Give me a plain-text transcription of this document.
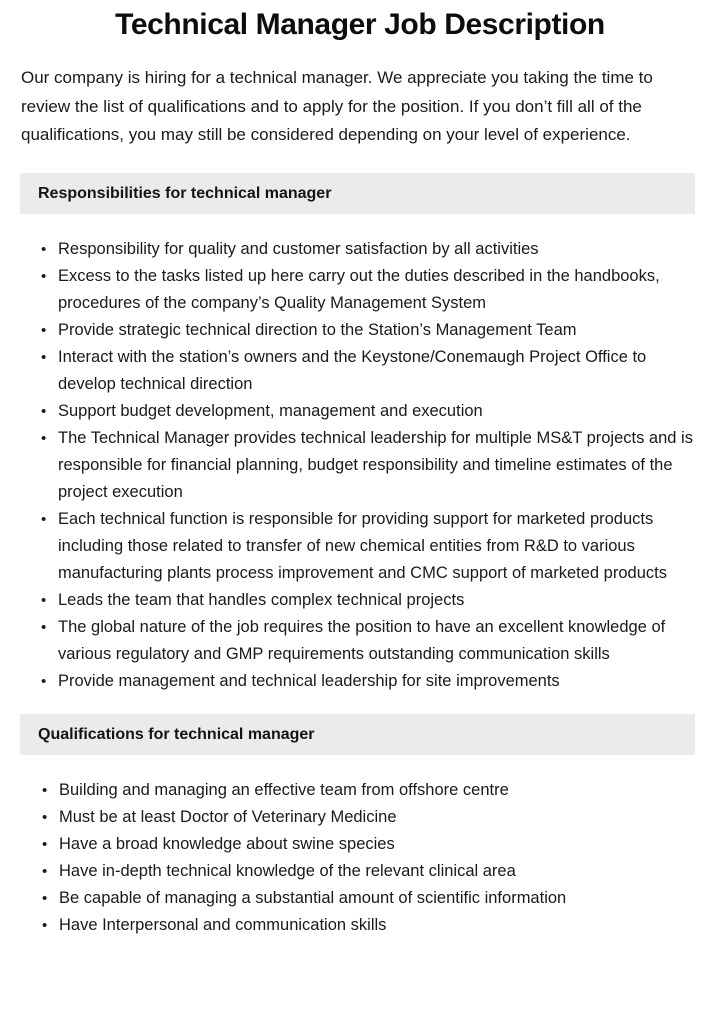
Technical Manager Job Description

Our company is hiring for a technical manager. We appreciate you taking the time to review the list of qualifications and to apply for the position. If you don’t fill all of the qualifications, you may still be considered depending on your level of experience.

Responsibilities for technical manager
• Responsibility for quality and customer satisfaction by all activities
• Excess to the tasks listed up here carry out the duties described in the handbooks, procedures of the company’s Quality Management System
• Provide strategic technical direction to the Station’s Management Team
• Interact with the station’s owners and the Keystone/Conemaugh Project Office to develop technical direction
• Support budget development, management and execution
• The Technical Manager provides technical leadership for multiple MS&T projects and is responsible for financial planning, budget responsibility and timeline estimates of the project execution
• Each technical function is responsible for providing support for marketed products including those related to transfer of new chemical entities from R&D to various manufacturing plants process improvement and CMC support of marketed products
• Leads the team that handles complex technical projects
• The global nature of the job requires the position to have an excellent knowledge of various regulatory and GMP requirements outstanding communication skills
• Provide management and technical leadership for site improvements
Qualifications for technical manager
• Building and managing an effective team from offshore centre
• Must be at least Doctor of Veterinary Medicine
• Have a broad knowledge about swine species
• Have in-depth technical knowledge of the relevant clinical area
• Be capable of managing a substantial amount of scientific information
• Have Interpersonal and communication skills
